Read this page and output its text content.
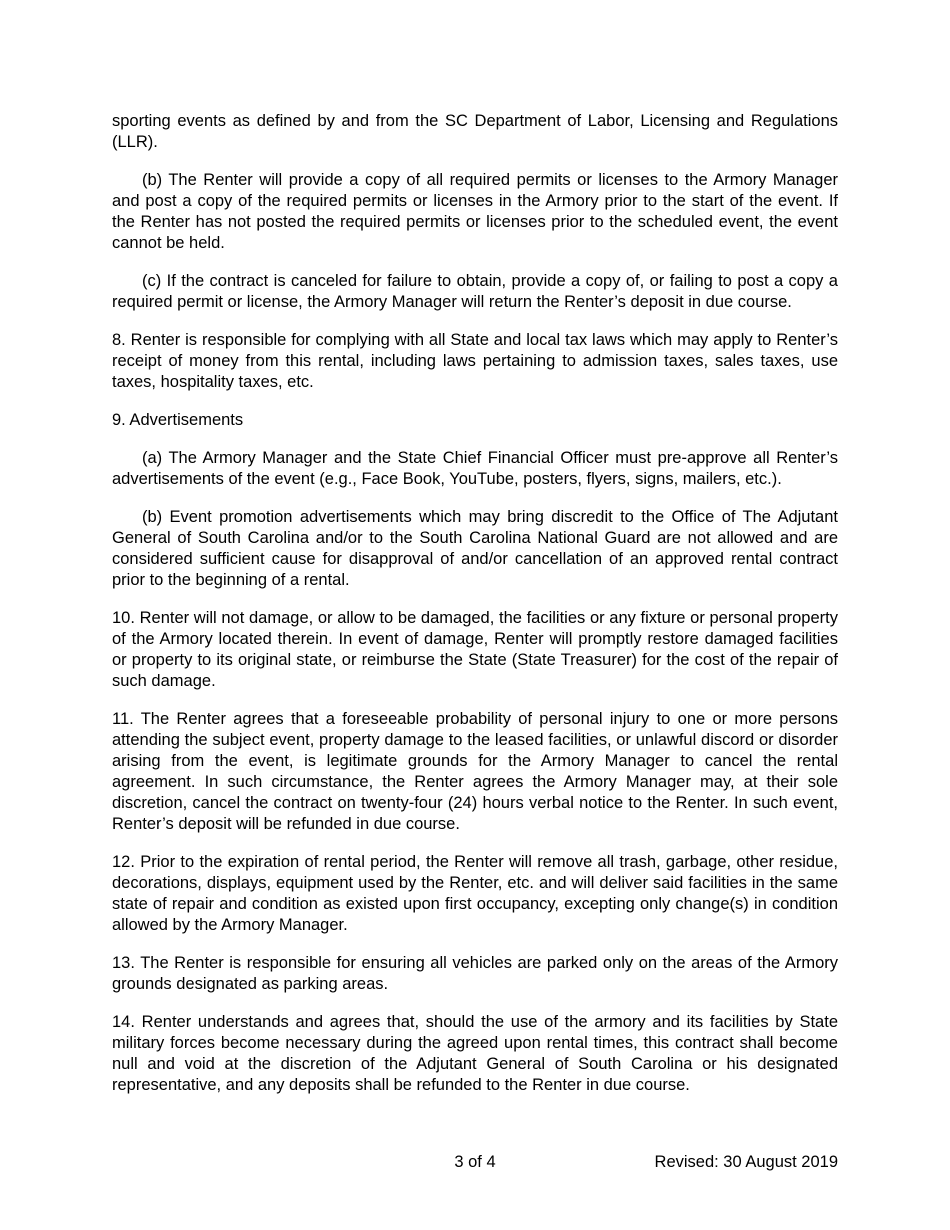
sporting events as defined by and from the SC Department of Labor, Licensing and Regulations (LLR).

(b) The Renter will provide a copy of all required permits or licenses to the Armory Manager and post a copy of the required permits or licenses in the Armory prior to the start of the event. If the Renter has not posted the required permits or licenses prior to the scheduled event, the event cannot be held.

(c) If the contract is canceled for failure to obtain, provide a copy of, or failing to post a copy a required permit or license, the Armory Manager will return the Renter’s deposit in due course.

8. Renter is responsible for complying with all State and local tax laws which may apply to Renter’s receipt of money from this rental, including laws pertaining to admission taxes, sales taxes, use taxes, hospitality taxes, etc.

9. Advertisements

(a) The Armory Manager and the State Chief Financial Officer must pre-approve all Renter’s advertisements of the event (e.g., Face Book, YouTube, posters, flyers, signs, mailers, etc.).

(b) Event promotion advertisements which may bring discredit to the Office of The Adjutant General of South Carolina and/or to the South Carolina National Guard are not allowed and are considered sufficient cause for disapproval of and/or cancellation of an approved rental contract prior to the beginning of a rental.

10. Renter will not damage, or allow to be damaged, the facilities or any fixture or personal property of the Armory located therein. In event of damage, Renter will promptly restore damaged facilities or property to its original state, or reimburse the State (State Treasurer) for the cost of the repair of such damage.

11. The Renter agrees that a foreseeable probability of personal injury to one or more persons attending the subject event, property damage to the leased facilities, or unlawful discord or disorder arising from the event, is legitimate grounds for the Armory Manager to cancel the rental agreement. In such circumstance, the Renter agrees the Armory Manager may, at their sole discretion, cancel the contract on twenty-four (24) hours verbal notice to the Renter. In such event, Renter’s deposit will be refunded in due course.

12. Prior to the expiration of rental period, the Renter will remove all trash, garbage, other residue, decorations, displays, equipment used by the Renter, etc. and will deliver said facilities in the same state of repair and condition as existed upon first occupancy, excepting only change(s) in condition allowed by the Armory Manager.

13. The Renter is responsible for ensuring all vehicles are parked only on the areas of the Armory grounds designated as parking areas.

14. Renter understands and agrees that, should the use of the armory and its facilities by State military forces become necessary during the agreed upon rental times, this contract shall become null and void at the discretion of the Adjutant General of South Carolina or his designated representative, and any deposits shall be refunded to the Renter in due course.

3 of 4	Revised: 30 August 2019
